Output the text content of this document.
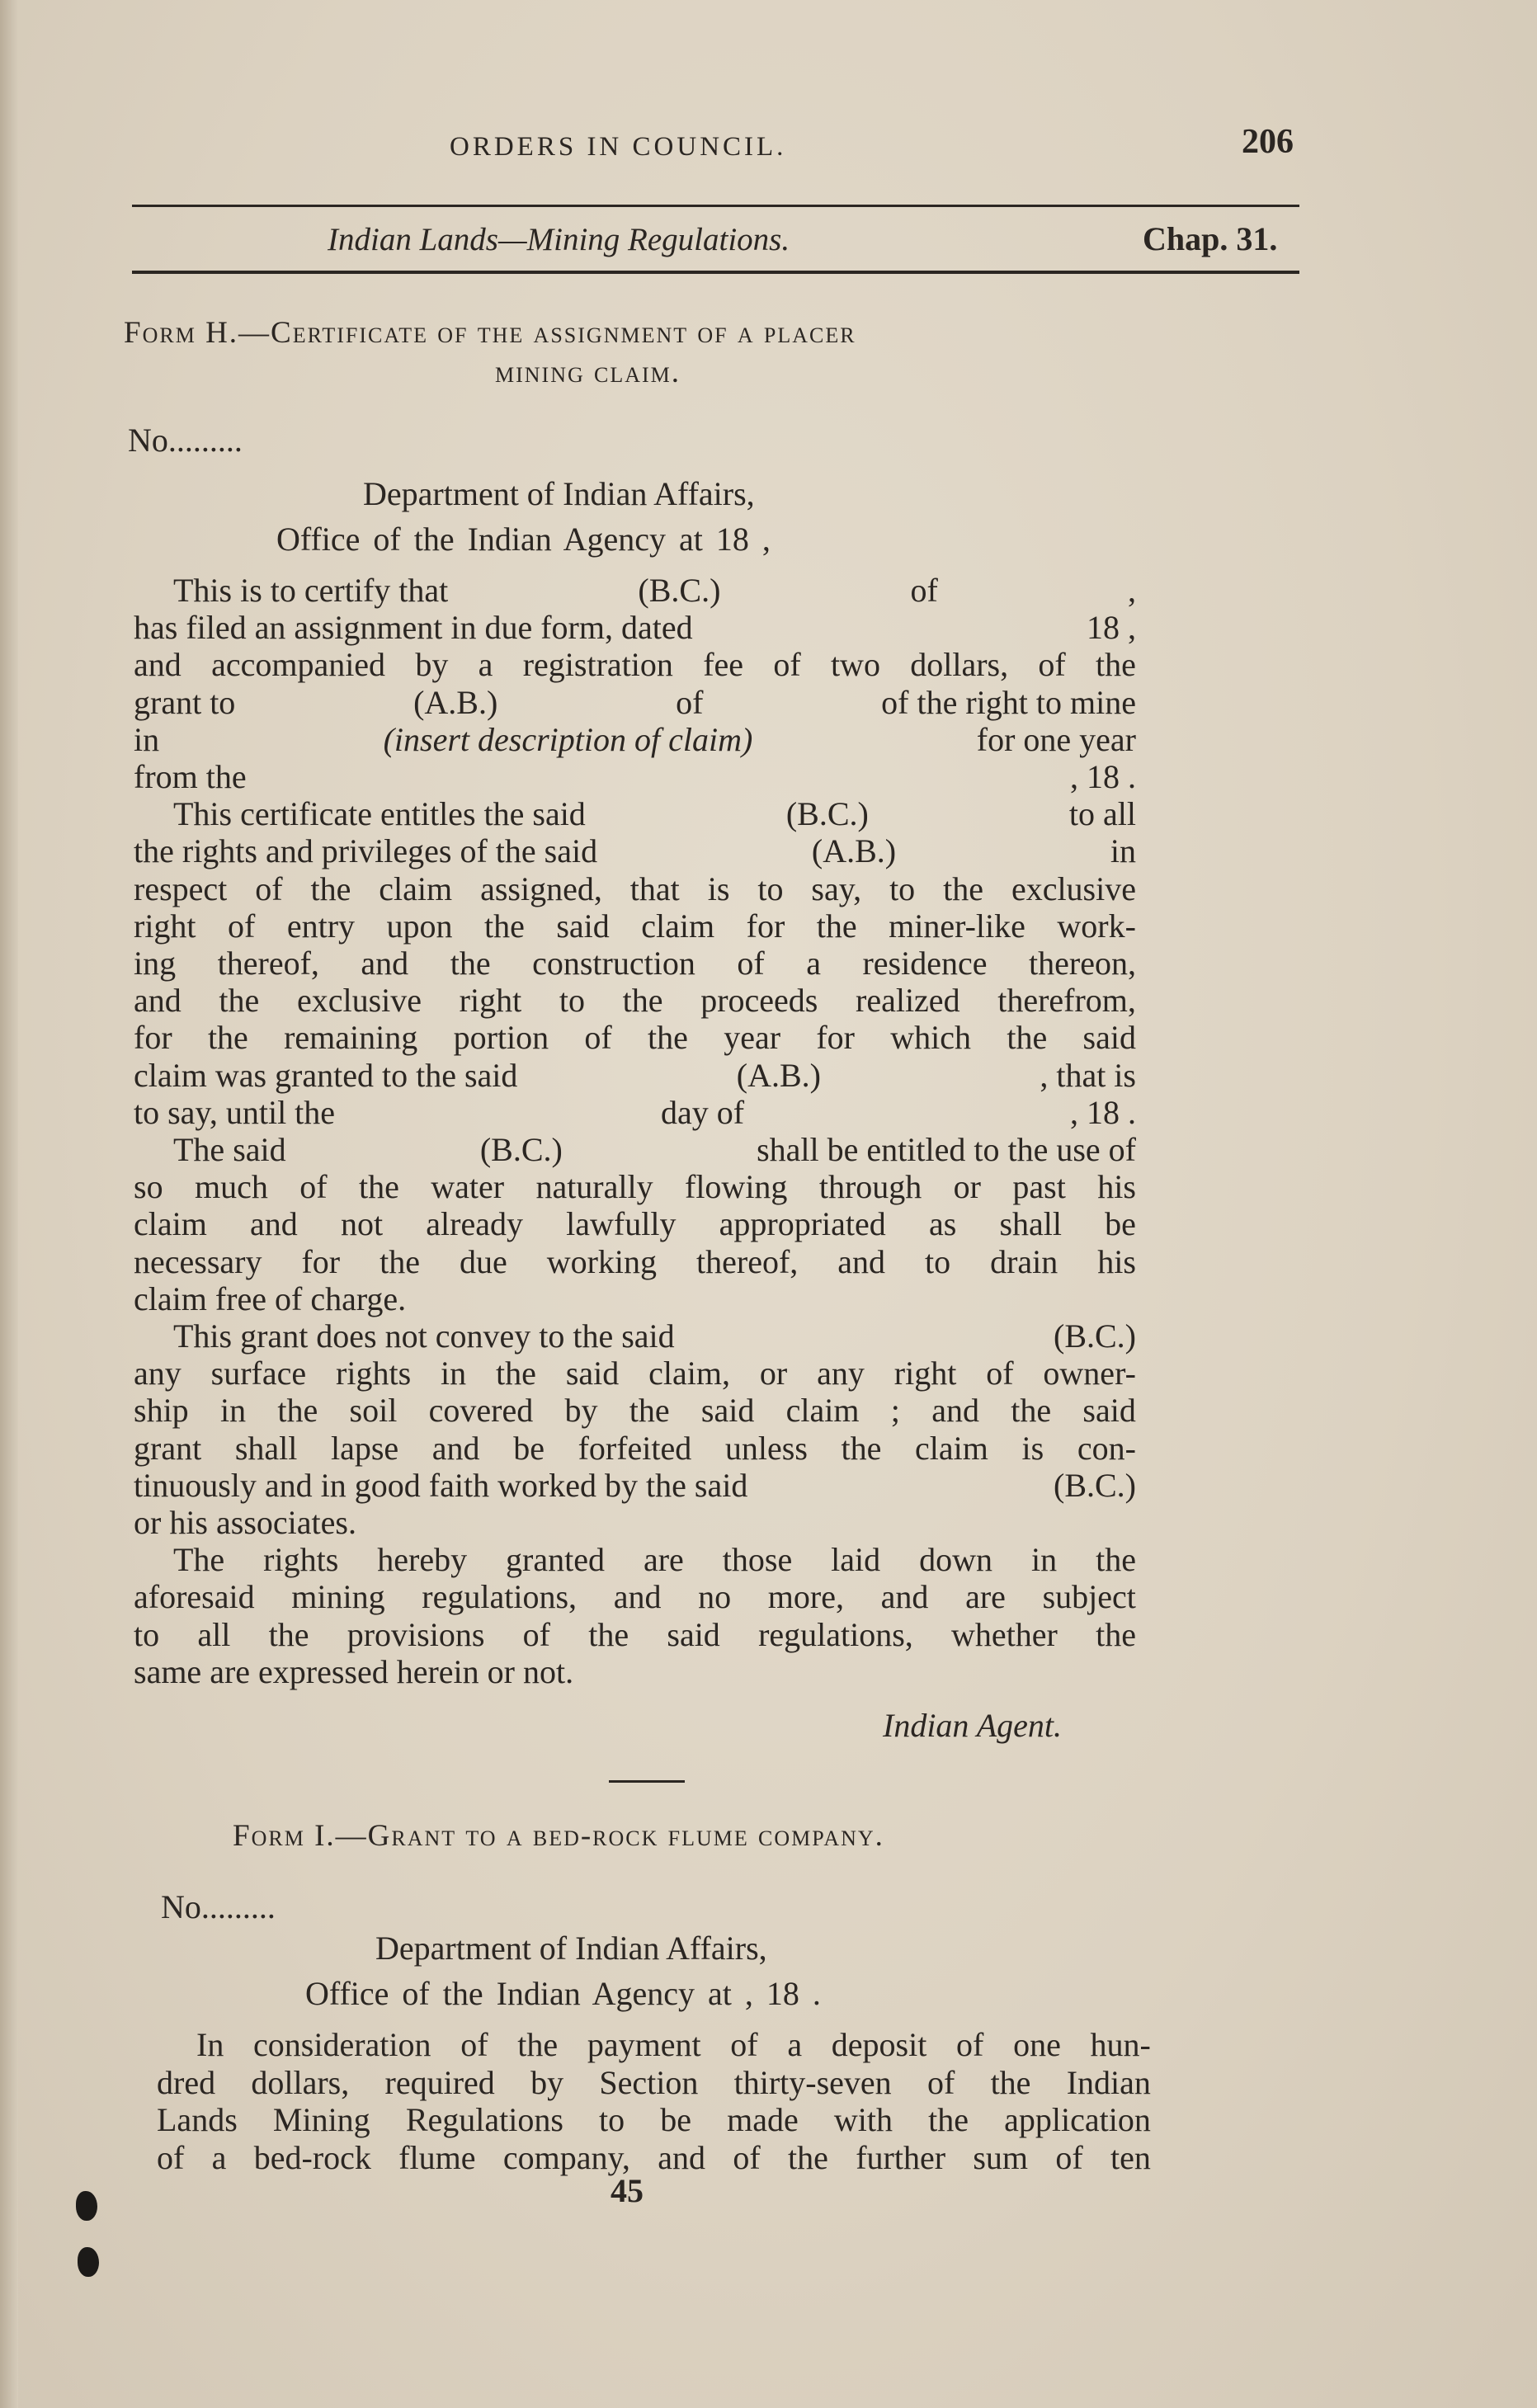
ORDERS IN COUNCIL.	206
Indian Lands—Mining Regulations.	Chap. 31.
Form H.—Certificate of the assignment of a placer
mining claim.
No.........
Department of Indian Affairs,
Office of the Indian Agency at 18 ,
This is to certify that	(B.C.)	of	,
has filed an assignment in due form, dated	18 ,
and accompanied by a registration fee of two dollars, of the
grant to	(A.B.)	of	of the right to mine
in	(insert description of claim)	for one year
from the	, 18 .
This certificate entitles the said	(B.C.)	to all
the rights and privileges of the said	(A.B.)	in
respect of the claim assigned, that is to say, to the exclusive
right of entry upon the said claim for the miner-like work-
ing thereof, and the construction of a residence thereon,
and the exclusive right to the proceeds realized therefrom,
for the remaining portion of the year for which the said
claim was granted to the said	(A.B.)	, that is
to say, until the	day of	, 18 .
The said	(B.C.)	shall be entitled to the use of
so much of the water naturally flowing through or past his
claim and not already lawfully appropriated as shall be
necessary for the due working thereof, and to drain his
claim free of charge.
This grant does not convey to the said	(B.C.)
any surface rights in the said claim, or any right of owner-
ship in the soil covered by the said claim ; and the said
grant shall lapse and be forfeited unless the claim is con-
tinuously and in good faith worked by the said	(B.C.)
or his associates.
The rights hereby granted are those laid down in the
aforesaid mining regulations, and no more, and are subject
to all the provisions of the said regulations, whether the
same are expressed herein or not.
Indian Agent.
Form I.—Grant to a bed-rock flume company.
No.........
Department of Indian Affairs,
Office of the Indian Agency at , 18 .
In consideration of the payment of a deposit of one hun-
dred dollars, required by Section thirty-seven of the Indian
Lands Mining Regulations to be made with the application
of a bed-rock flume company, and of the further sum of ten
45
